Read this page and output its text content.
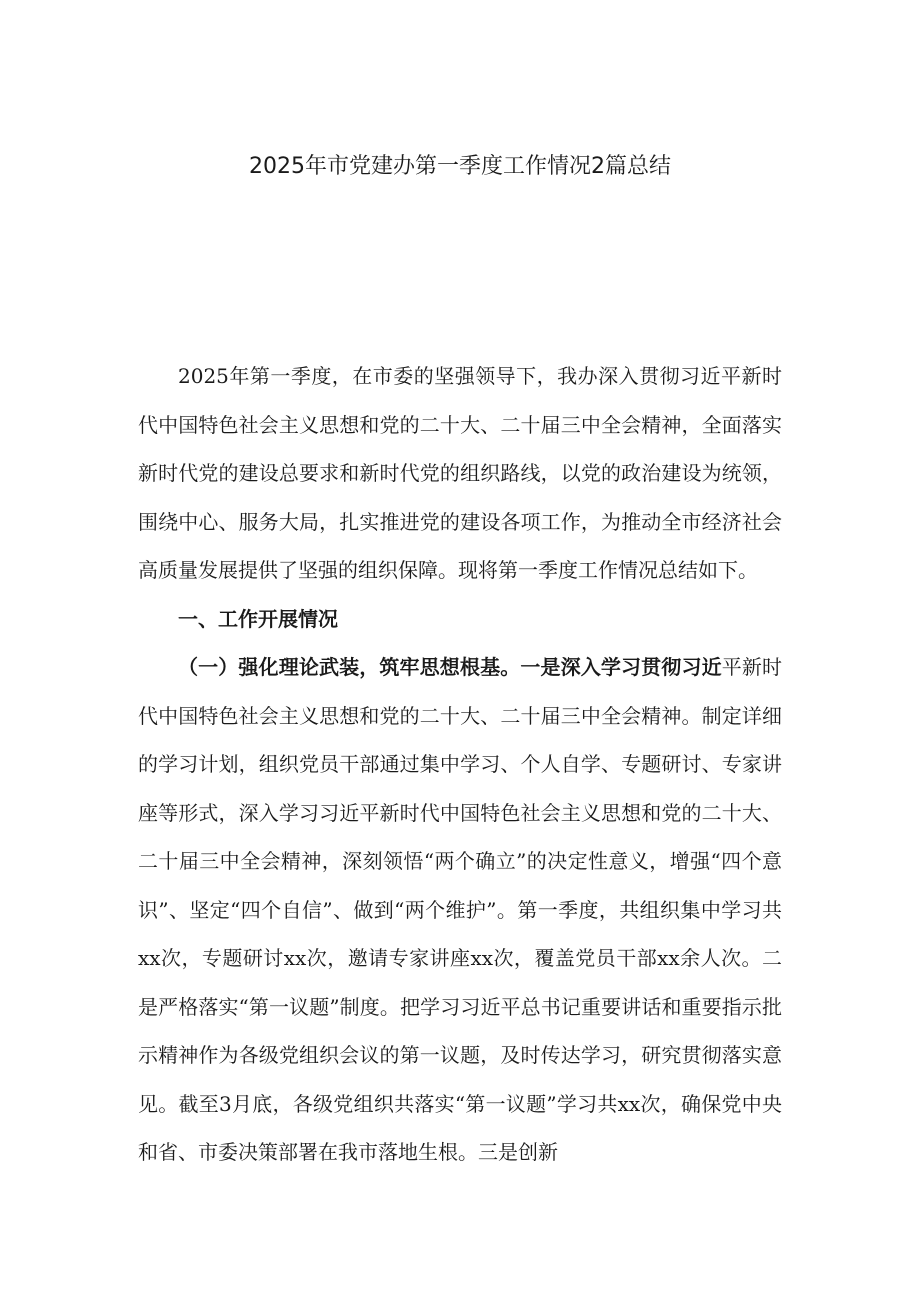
2025年市党建办第一季度工作情况2篇总结

2025年第一季度，在市委的坚强领导下，我办深入贯彻习近平新时代中国特色社会主义思想和党的二十大、二十届三中全会精神，全面落实新时代党的建设总要求和新时代党的组织路线，以党的政治建设为统领，围绕中心、服务大局，扎实推进党的建设各项工作，为推动全市经济社会高质量发展提供了坚强的组织保障。现将第一季度工作情况总结如下。

一、工作开展情况

（一）强化理论武装，筑牢思想根基。一是深入学习贯彻习近平新时代中国特色社会主义思想和党的二十大、二十届三中全会精神。制定详细的学习计划，组织党员干部通过集中学习、个人自学、专题研讨、专家讲座等形式，深入学习习近平新时代中国特色社会主义思想和党的二十大、二十届三中全会精神，深刻领悟“两个确立”的决定性意义，增强“四个意识”、坚定“四个自信”、做到“两个维护”。第一季度，共组织集中学习共xx次，专题研讨xx次，邀请专家讲座xx次，覆盖党员干部xx余人次。二是严格落实“第一议题”制度。把学习习近平总书记重要讲话和重要指示批示精神作为各级党组织会议的第一议题，及时传达学习，研究贯彻落实意见。截至3月底，各级党组织共落实“第一议题”学习共xx次，确保党中央和省、市委决策部署在我市落地生根。三是创新
